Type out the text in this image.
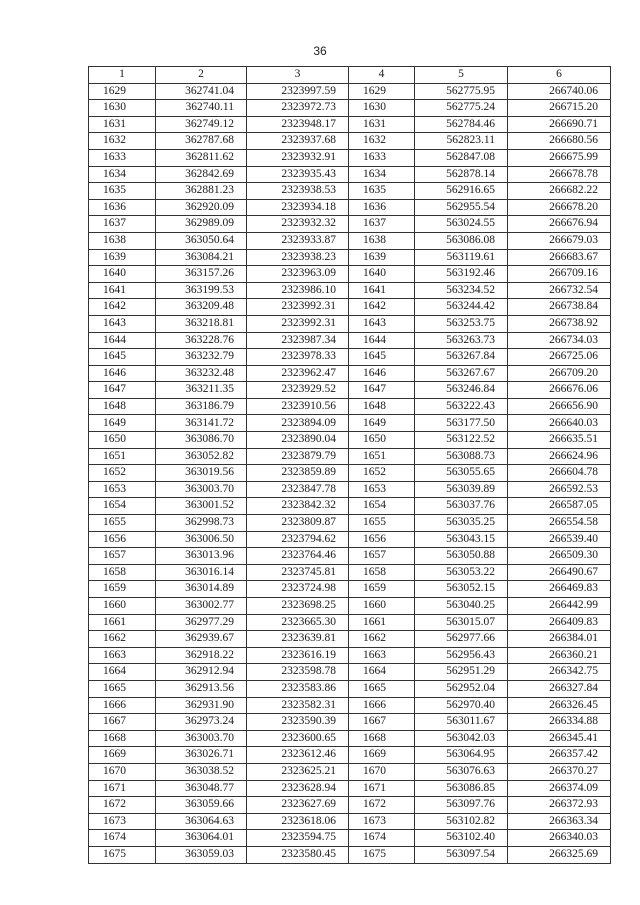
36
1	2	3	4	5	6
1629	362741.04	2323997.59	1629	562775.95	266740.06
1630	362740.11	2323972.73	1630	562775.24	266715.20
1631	362749.12	2323948.17	1631	562784.46	266690.71
1632	362787.68	2323937.68	1632	562823.11	266680.56
1633	362811.62	2323932.91	1633	562847.08	266675.99
1634	362842.69	2323935.43	1634	562878.14	266678.78
1635	362881.23	2323938.53	1635	562916.65	266682.22
1636	362920.09	2323934.18	1636	562955.54	266678.20
1637	362989.09	2323932.32	1637	563024.55	266676.94
1638	363050.64	2323933.87	1638	563086.08	266679.03
1639	363084.21	2323938.23	1639	563119.61	266683.67
1640	363157.26	2323963.09	1640	563192.46	266709.16
1641	363199.53	2323986.10	1641	563234.52	266732.54
1642	363209.48	2323992.31	1642	563244.42	266738.84
1643	363218.81	2323992.31	1643	563253.75	266738.92
1644	363228.76	2323987.34	1644	563263.73	266734.03
1645	363232.79	2323978.33	1645	563267.84	266725.06
1646	363232.48	2323962.47	1646	563267.67	266709.20
1647	363211.35	2323929.52	1647	563246.84	266676.06
1648	363186.79	2323910.56	1648	563222.43	266656.90
1649	363141.72	2323894.09	1649	563177.50	266640.03
1650	363086.70	2323890.04	1650	563122.52	266635.51
1651	363052.82	2323879.79	1651	563088.73	266624.96
1652	363019.56	2323859.89	1652	563055.65	266604.78
1653	363003.70	2323847.78	1653	563039.89	266592.53
1654	363001.52	2323842.32	1654	563037.76	266587.05
1655	362998.73	2323809.87	1655	563035.25	266554.58
1656	363006.50	2323794.62	1656	563043.15	266539.40
1657	363013.96	2323764.46	1657	563050.88	266509.30
1658	363016.14	2323745.81	1658	563053.22	266490.67
1659	363014.89	2323724.98	1659	563052.15	266469.83
1660	363002.77	2323698.25	1660	563040.25	266442.99
1661	362977.29	2323665.30	1661	563015.07	266409.83
1662	362939.67	2323639.81	1662	562977.66	266384.01
1663	362918.22	2323616.19	1663	562956.43	266360.21
1664	362912.94	2323598.78	1664	562951.29	266342.75
1665	362913.56	2323583.86	1665	562952.04	266327.84
1666	362931.90	2323582.31	1666	562970.40	266326.45
1667	362973.24	2323590.39	1667	563011.67	266334.88
1668	363003.70	2323600.65	1668	563042.03	266345.41
1669	363026.71	2323612.46	1669	563064.95	266357.42
1670	363038.52	2323625.21	1670	563076.63	266370.27
1671	363048.77	2323628.94	1671	563086.85	266374.09
1672	363059.66	2323627.69	1672	563097.76	266372.93
1673	363064.63	2323618.06	1673	563102.82	266363.34
1674	363064.01	2323594.75	1674	563102.40	266340.03
1675	363059.03	2323580.45	1675	563097.54	266325.69
